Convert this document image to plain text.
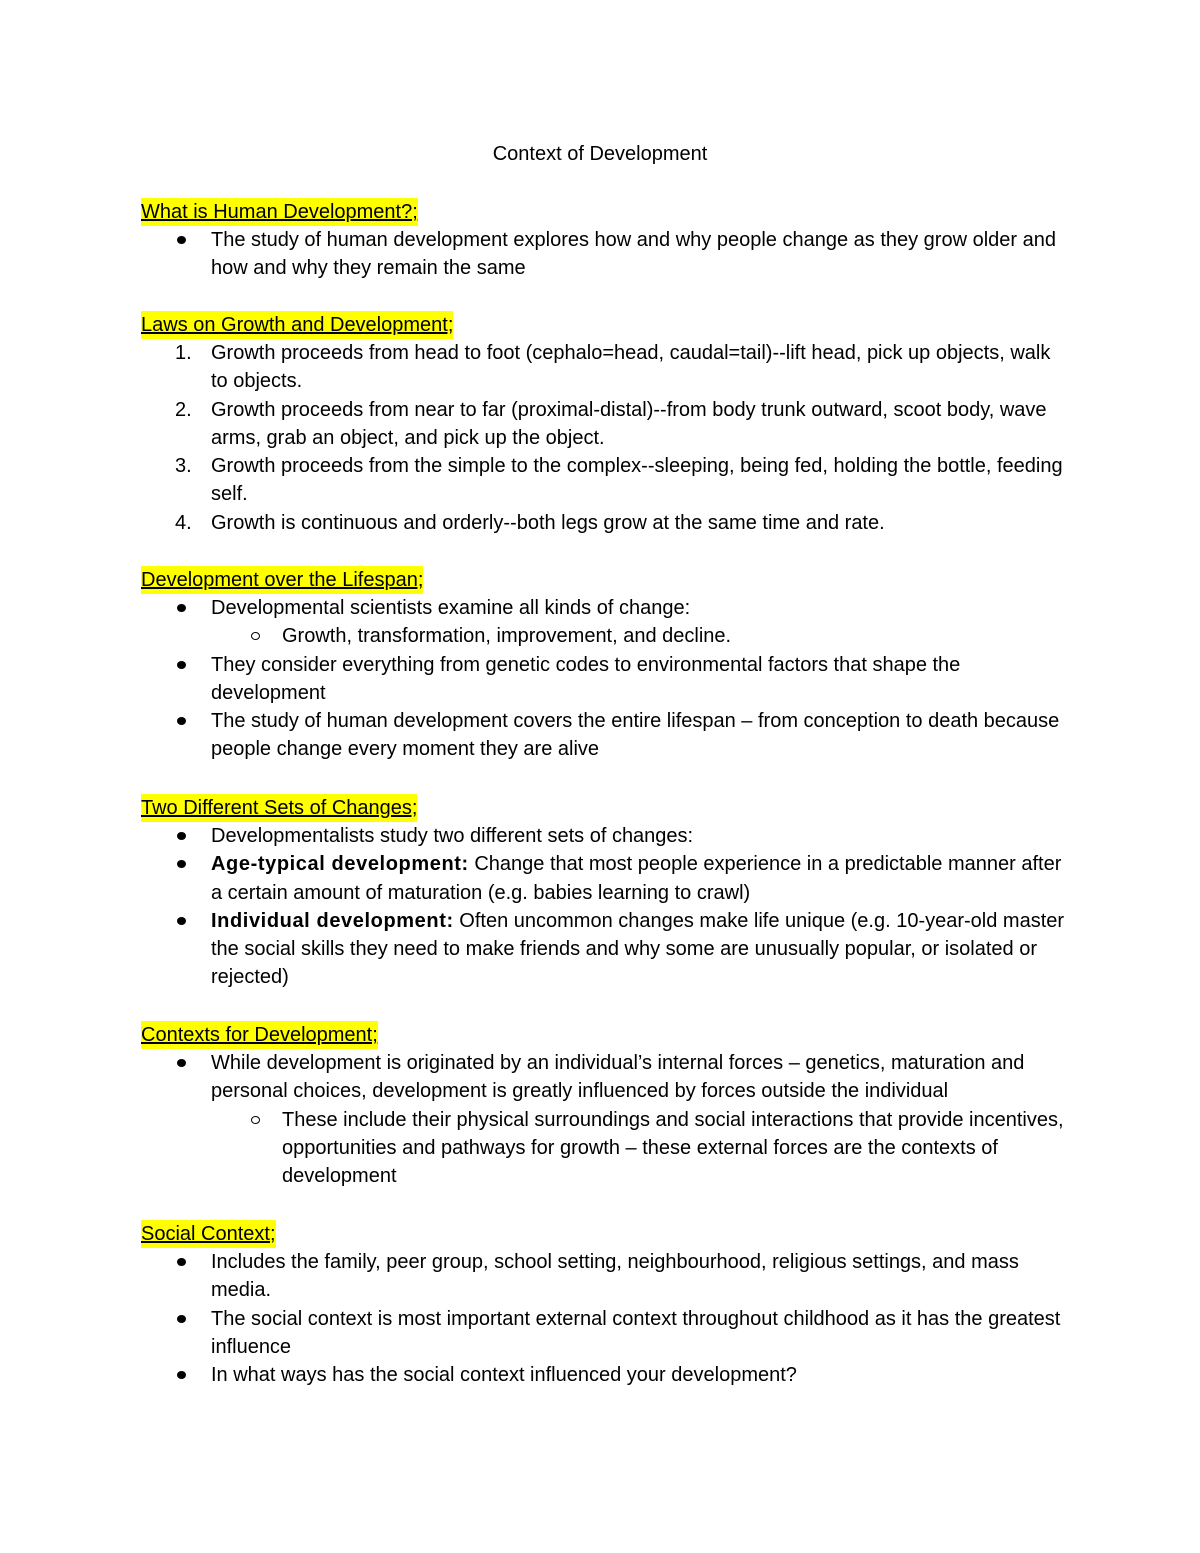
Context of Development
What is Human Development?;
The study of human development explores how and why people change as they grow older and how and why they remain the same
Laws on Growth and Development;
1. Growth proceeds from head to foot (cephalo=head, caudal=tail)--lift head, pick up objects, walk to objects.
2. Growth proceeds from near to far (proximal-distal)--from body trunk outward, scoot body, wave arms, grab an object, and pick up the object.
3. Growth proceeds from the simple to the complex--sleeping, being fed, holding the bottle, feeding self.
4. Growth is continuous and orderly--both legs grow at the same time and rate.
Development over the Lifespan;
Developmental scientists examine all kinds of change:
Growth, transformation, improvement, and decline.
They consider everything from genetic codes to environmental factors that shape the development
The study of human development covers the entire lifespan – from conception to death because people change every moment they are alive
Two Different Sets of Changes;
Developmentalists study two different sets of changes:
Age-typical development: Change that most people experience in a predictable manner after a certain amount of maturation (e.g. babies learning to crawl)
Individual development: Often uncommon changes make life unique (e.g. 10-year-old master the social skills they need to make friends and why some are unusually popular, or isolated or rejected)
Contexts for Development;
While development is originated by an individual’s internal forces – genetics, maturation and personal choices, development is greatly influenced by forces outside the individual
These include their physical surroundings and social interactions that provide incentives, opportunities and pathways for growth – these external forces are the contexts of development
Social Context;
Includes the family, peer group, school setting, neighbourhood, religious settings, and mass media.
The social context is most important external context throughout childhood as it has the greatest influence
In what ways has the social context influenced your development?
